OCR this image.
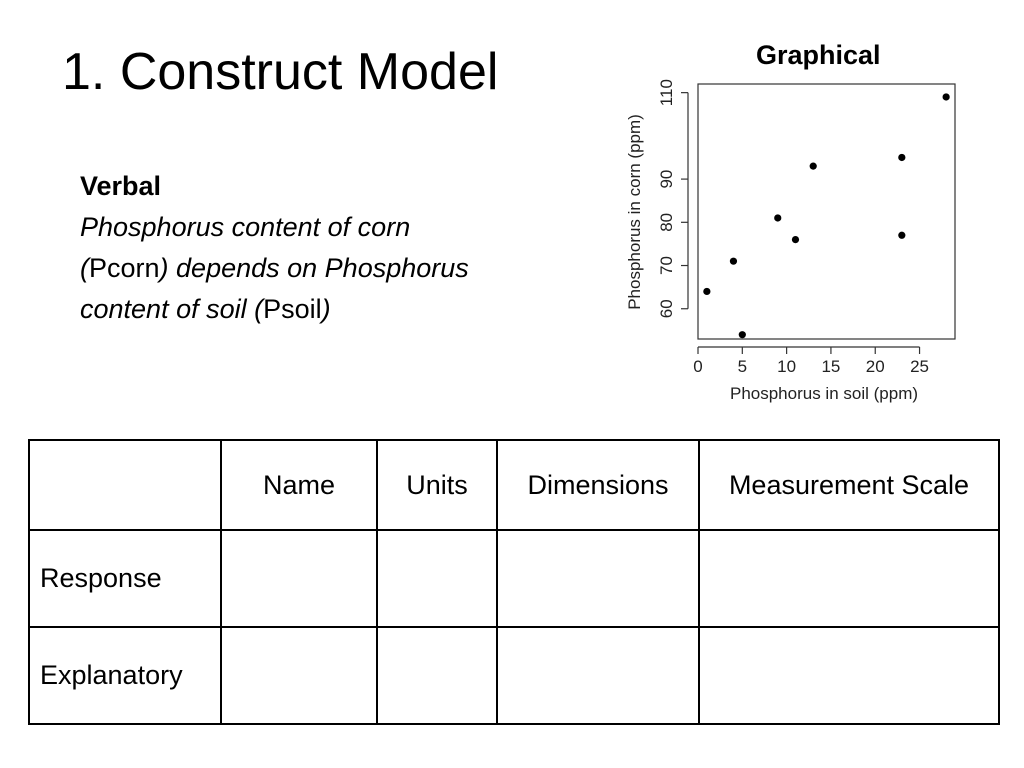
1. Construct Model
Verbal
Phosphorus content of corn
(Pcorn) depends on Phosphorus content of soil (Psoil)
Graphical
0 5 10 15 20 25
60
70
80
90
110
Phosphorus in soil (ppm)
Phosphorus in corn (ppm)
	Name	Units	Dimensions	Measurement Scale
Response				
Explanatory				
